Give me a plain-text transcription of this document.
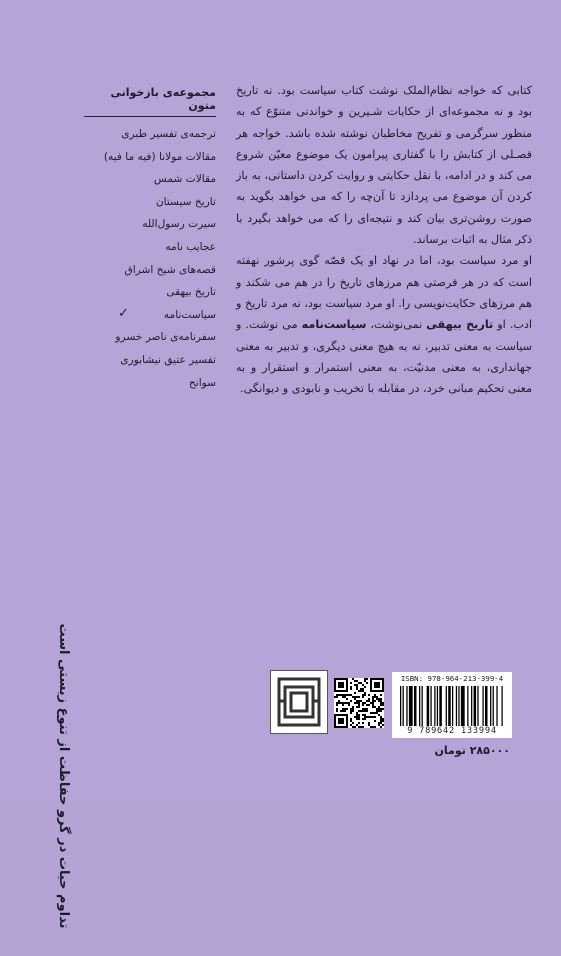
کتابی که خواجه نظام‌الملک نوشت کتاب سیاست بود. نه تاریخ بود و نه مجموعه‌ای از حکایات شـیرین و خواندنی متنوّع که به منظور سرگرمی و تفریح مخاطبان نوشته شده باشد. خواجه هر فصـلی از کتابش را با گفتاری پیرامون یک موضوع معیّن شروع می کند و در ادامه، با نقل حکایتی و روایت کردن داستانی، به باز کردن آن موضوع می پردازد تا آن‌چه را که می خواهد بگوید به صورت روشن‌تری بیان کند و نتیجه‌ای را که می خواهد بگیرد با ذکر مثال به اثبات برساند.

او مرد سیاست بود، اما در نهاد او یک قصّه گوی پرشور نهفته است که در هر فرصتی هم مرزهای تاریخ را در هم می شکند و هم مرزهای حکایت‌نویسی را. او مرد سیاست بود، نه مرد تاریخ و ادب. او تاریخ بیهقی نمی‌نوشت، سیاست‌نامه می نوشت. و سیاست به معنی تدبیر، نه به هیچ معنی دیگری، و تدبیر به معنی جهانداری، به معنی مدنیّت، به معنی استمرار و استقرار و به معنی تحکیم مبانی خرد، در مقابله با تخریب و نابودی و دیوانگی.

مجموعه‌ی بازخوانی متون
ترجمه‌ی تفسیر طبری
مقالات مولانا (فیه ما فیه)
مقالات شمس
تاریخ سیستان
سیرت رسول‌الله
عجایب نامه
قصه‌های شیخ اشراق
تاریخ بیهقی
سیاست‌نامه
✓
سفرنامه‌ی ناصر خسرو
تفسیر عتیق نیشابوری
سوانح
تداوم حیات در گرو حفاظت از تنوع زیستی است	ISBN: 978-964-213-399-4
9 789642 133994
۲۸۵۰۰۰ تومان
